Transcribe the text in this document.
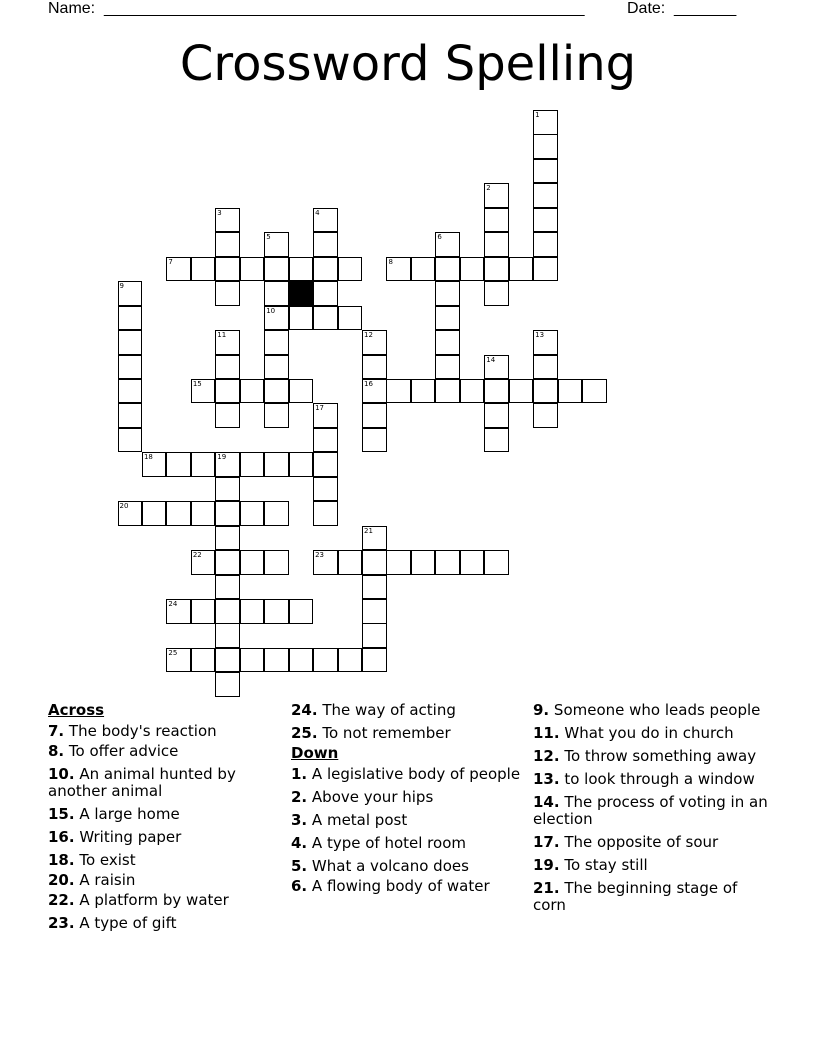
Name: ______________________________________________________	Date: _______
Crossword Spelling
1
2
3	4
5
10
6
7	8
9
11	12
16
13
14
15
17
18	19
20
21
22	23
24
25
Across
7. The body's reaction
8. To offer advice
10. An animal hunted by another animal
15. A large home
16. Writing paper
18. To exist
20. A raisin
22. A platform by water
23. A type of gift
24. The way of acting
25. To not remember
Down
1. A legislative body of people
2. Above your hips
3. A metal post
4. A type of hotel room
5. What a volcano does
6. A flowing body of water
9. Someone who leads people
11. What you do in church
12. To throw something away
13. to look through a window
14. The process of voting in an election
17. The opposite of sour
19. To stay still
21. The beginning stage of corn
